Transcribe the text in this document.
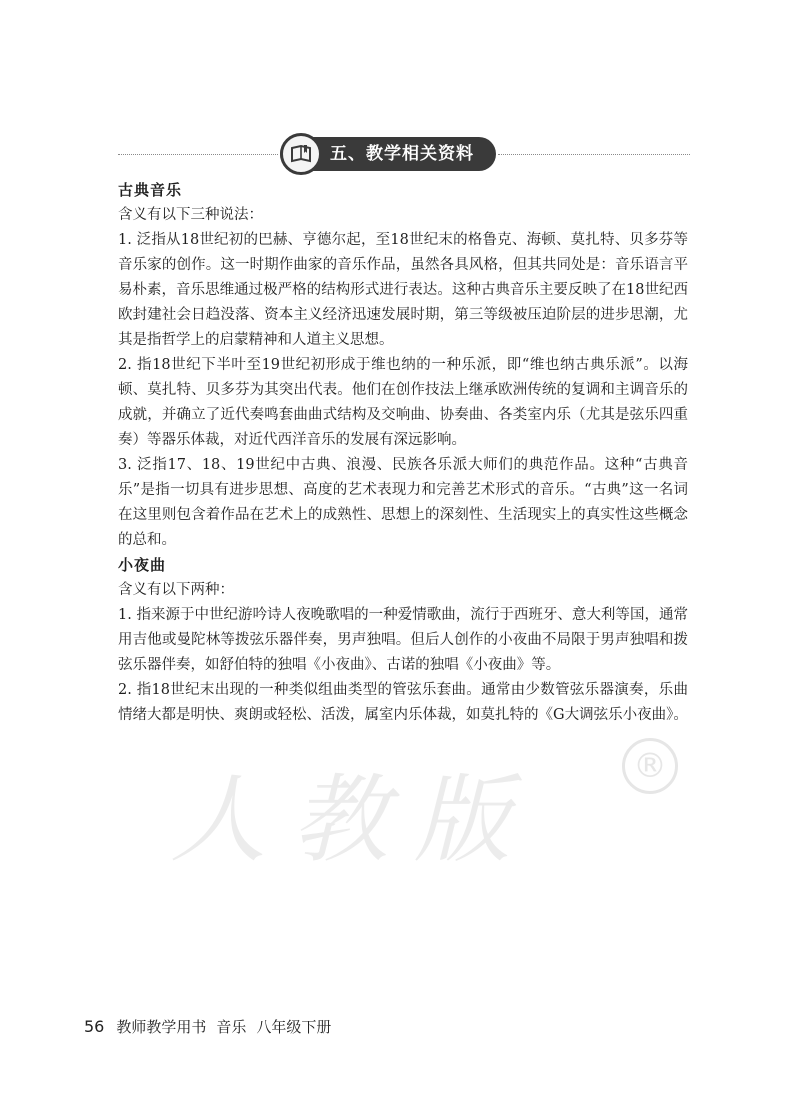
五、教学相关资料
古典音乐
含义有以下三种说法：

1. 泛指从18世纪初的巴赫、亨德尔起，至18世纪末的格鲁克、海顿、莫扎特、贝多芬等音乐家的创作。这一时期作曲家的音乐作品，虽然各具风格，但其共同处是：音乐语言平易朴素，音乐思维通过极严格的结构形式进行表达。这种古典音乐主要反映了在18世纪西欧封建社会日趋没落、资本主义经济迅速发展时期，第三等级被压迫阶层的进步思潮，尤其是指哲学上的启蒙精神和人道主义思想。

2. 指18世纪下半叶至19世纪初形成于维也纳的一种乐派，即“维也纳古典乐派”。以海顿、莫扎特、贝多芬为其突出代表。他们在创作技法上继承欧洲传统的复调和主调音乐的成就，并确立了近代奏鸣套曲曲式结构及交响曲、协奏曲、各类室内乐（尤其是弦乐四重奏）等器乐体裁，对近代西洋音乐的发展有深远影响。

3. 泛指17、18、19世纪中古典、浪漫、民族各乐派大师们的典范作品。这种“古典音乐”是指一切具有进步思想、高度的艺术表现力和完善艺术形式的音乐。“古典”这一名词在这里则包含着作品在艺术上的成熟性、思想上的深刻性、生活现实上的真实性这些概念的总和。

小夜曲
含义有以下两种：

1. 指来源于中世纪游吟诗人夜晚歌唱的一种爱情歌曲，流行于西班牙、意大利等国，通常用吉他或曼陀林等拨弦乐器伴奏，男声独唱。但后人创作的小夜曲不局限于男声独唱和拨弦乐器伴奏，如舒伯特的独唱《小夜曲》、古诺的独唱《小夜曲》等。

2. 指18世纪末出现的一种类似组曲类型的管弦乐套曲。通常由少数管弦乐器演奏，乐曲情绪大都是明快、爽朗或轻松、活泼，属室内乐体裁，如莫扎特的《G大调弦乐小夜曲》。

人教版	®
56 教师教学用书 音乐 八年级下册
